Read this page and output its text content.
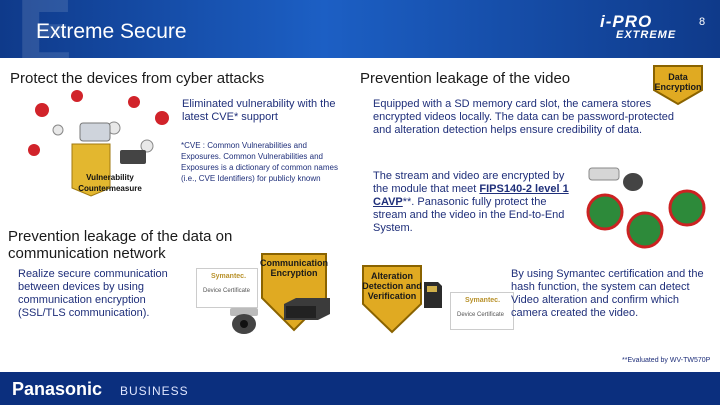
E
Extreme Secure	i-PRO
EXTREME
8
Protect the devices from cyber attacks
Vulnerability Countermeasure
Eliminated vulnerability with the latest CVE* support
*CVE : Common Vulnerabilities and Exposures. Common Vulnerabilities and Exposures is a dictionary of common names (i.e., CVE Identifiers) for publicly known
Prevention leakage of the data on communication network
Realize secure communication between devices by using communication encryption (SSL/TLS communication).
Communication Encryption
Symantec.
Device Certificate
Prevention leakage of the video	Data Encryption
Equipped with a SD memory card slot, the camera stores encrypted videos locally. The data can be password-protected and alteration detection helps ensure credibility of data.
The stream and video are encrypted by the module that meet FIPS140-2 level 1 CAVP**. Panasonic fully protect the stream and the video in the End-to-End System.
Alteration Detection and Verification	Symantec.
Device Certificate
By using Symantec certification and the hash function, the system can detect Video alteration and confirm which camera created the video.
**Evaluated by WV-TW570P
Panasonic BUSINESS
